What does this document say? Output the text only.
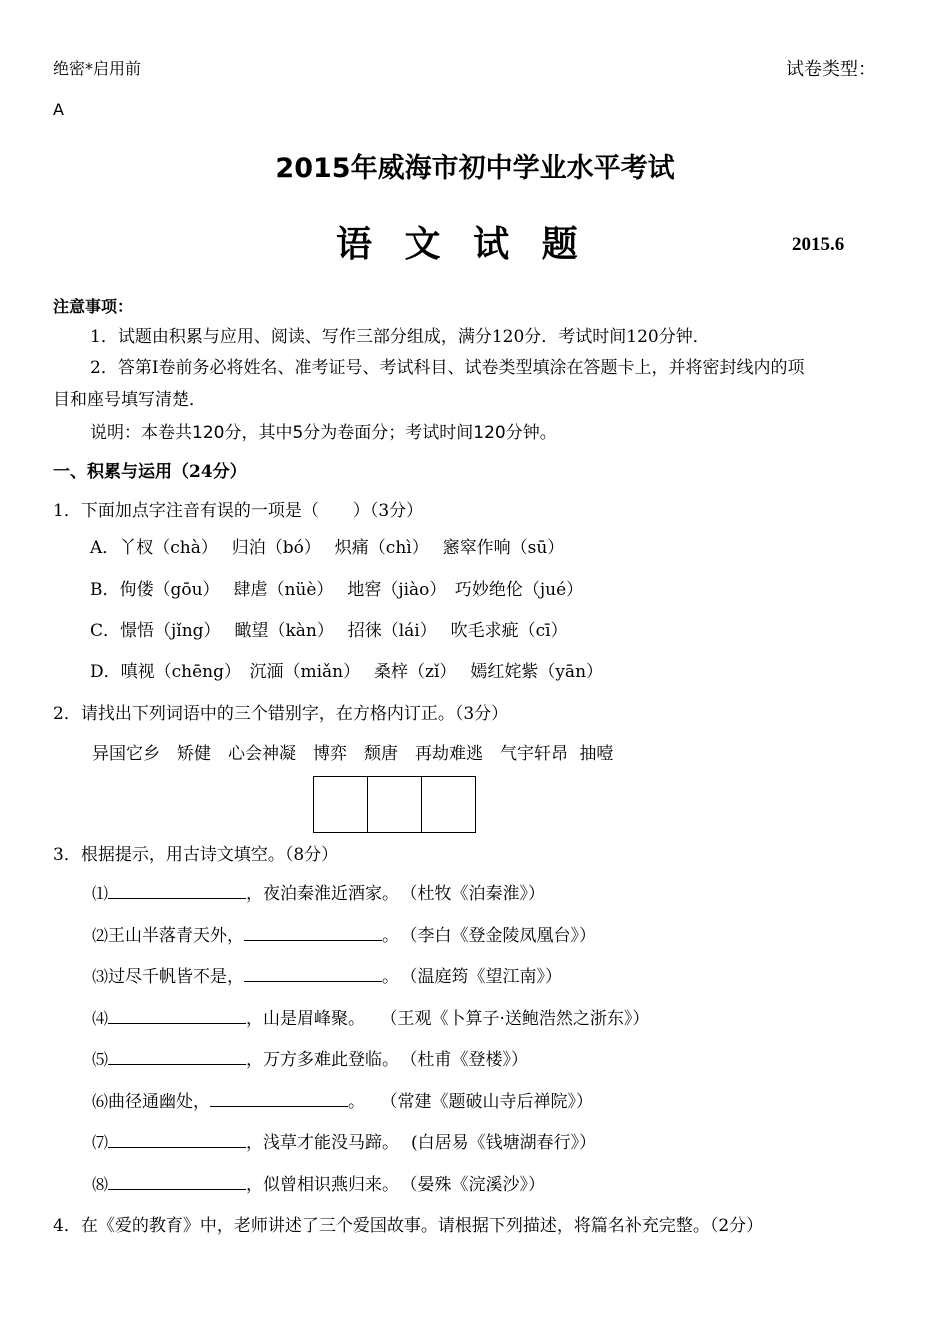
绝密*启用前	试卷类型：
A
2015年威海市初中学业水平考试
语 文 试 题	2015.6
注意事项：
1．试题由积累与应用、阅读、写作三部分组成，满分120分．考试时间120分钟．
2．答第Ⅰ卷前务必将姓名、准考证号、考试科目、试卷类型填涂在答题卡上，并将密封线内的项
目和座号填写清楚．
说明：本卷共120分，其中5分为卷面分；考试时间120分钟。
一、积累与运用（24分）
1．下面加点字注音有误的一项是（　　）（3分）
A．丫杈（chà）　 归泊（bó）　 炽痛（chì）　 窸窣作响（sū）
B．佝偻（gōu）　 肆虐（nüè）　 地窖（jiào）　巧妙绝伦（jué）
C．憬悟（jǐng）　 瞰望（kàn）　 招徕（lái）　 吹毛求疵（cī）
D．嗔视（chēng）　沉湎（miǎn）　 桑梓（zǐ）　 嫣红姹紫（yān）
2．请找出下列词语中的三个错别字，在方格内订正。（3分）
异国它乡　矫健　心会神凝　博弈　颓唐　再劫难逃　气宇轩昂 抽噎
3．根据提示，用古诗文填空。（8分）
⑴	，夜泊秦淮近酒家。 （杜牧《泊秦淮》）
⑵王山半落青天外，	。 （李白《登金陵凤凰台》）
⑶过尽千帆皆不是，	。 （温庭筠《望江南》）
⑷	，山是眉峰聚。 （王观《卜算子·送鲍浩然之浙东》）
⑸	，万方多难此登临。 （杜甫《登楼》）
⑹曲径通幽处，	。 （常建《题破山寺后禅院》）
⑺	，浅草才能没马蹄。 (白居易《钱塘湖春行》）
⑻	，似曾相识燕归来。 （晏殊《浣溪沙》）
4．在《爱的教育》中，老师讲述了三个爱国故事。请根据下列描述，将篇名补充完整。（2分）
